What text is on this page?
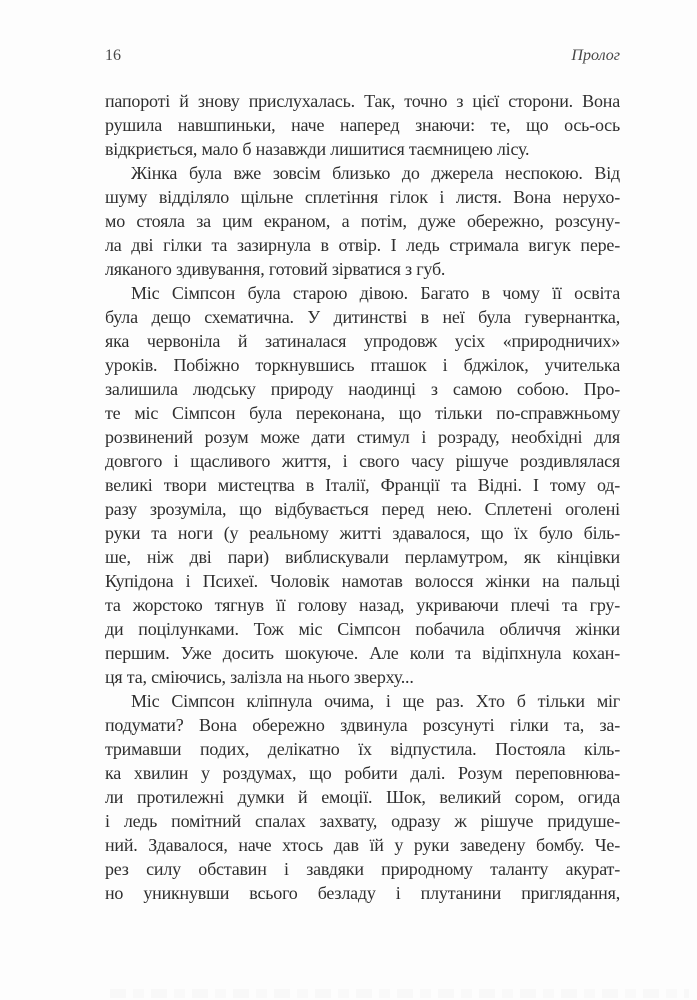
16	Пролог
папороті й знову прислухалась. Так, точно з цієї сторони. Вона
рушила навшпиньки, наче наперед знаючи: те, що ось-ось
відкриється, мало б назавжди лишитися таємницею лісу.
Жінка була вже зовсім близько до джерела неспокою. Від
шуму відділяло щільне сплетіння гілок і листя. Вона нерухо-
мо стояла за цим екраном, а потім, дуже обережно, розсуну-
ла дві гілки та зазирнула в отвір. І ледь стримала вигук пере-
ляканого здивування, готовий зірватися з губ.
Міс Сімпсон була старою дівою. Багато в чому її освіта
була дещо схематична. У дитинстві в неї була гувернантка,
яка червоніла й затиналася упродовж усіх «природничих»
уроків. Побіжно торкнувшись пташок і бджілок, учителька
залишила людську природу наодинці з самою собою. Про-
те міс Сімпсон була переконана, що тільки по-справжньому
розвинений розум може дати стимул і розраду, необхідні для
довгого і щасливого життя, і свого часу рішуче роздивлялася
великі твори мистецтва в Італії, Франції та Відні. І тому од-
разу зрозуміла, що відбувається перед нею. Сплетені оголені
руки та ноги (у реальному житті здавалося, що їх було біль-
ше, ніж дві пари) виблискували перламутром, як кінцівки
Купідона і Психеї. Чоловік намотав волосся жінки на пальці
та жорстоко тягнув її голову назад, укриваючи плечі та гру-
ди поцілунками. Тож міс Сімпсон побачила обличчя жінки
першим. Уже досить шокуюче. Але коли та відіпхнула кохан-
ця та, сміючись, залізла на нього зверху...
Міс Сімпсон кліпнула очима, і ще раз. Хто б тільки міг
подумати? Вона обережно здвинула розсунуті гілки та, за-
тримавши подих, делікатно їх відпустила. Постояла кіль-
ка хвилин у роздумах, що робити далі. Розум переповнюва-
ли протилежні думки й емоції. Шок, великий сором, огида
і ледь помітний спалах захвату, одразу ж рішуче придуше-
ний. Здавалося, наче хтось дав їй у руки заведену бомбу. Че-
рез силу обставин і завдяки природному таланту акурат-
но уникнувши всього безладу і плутанини приглядання,
